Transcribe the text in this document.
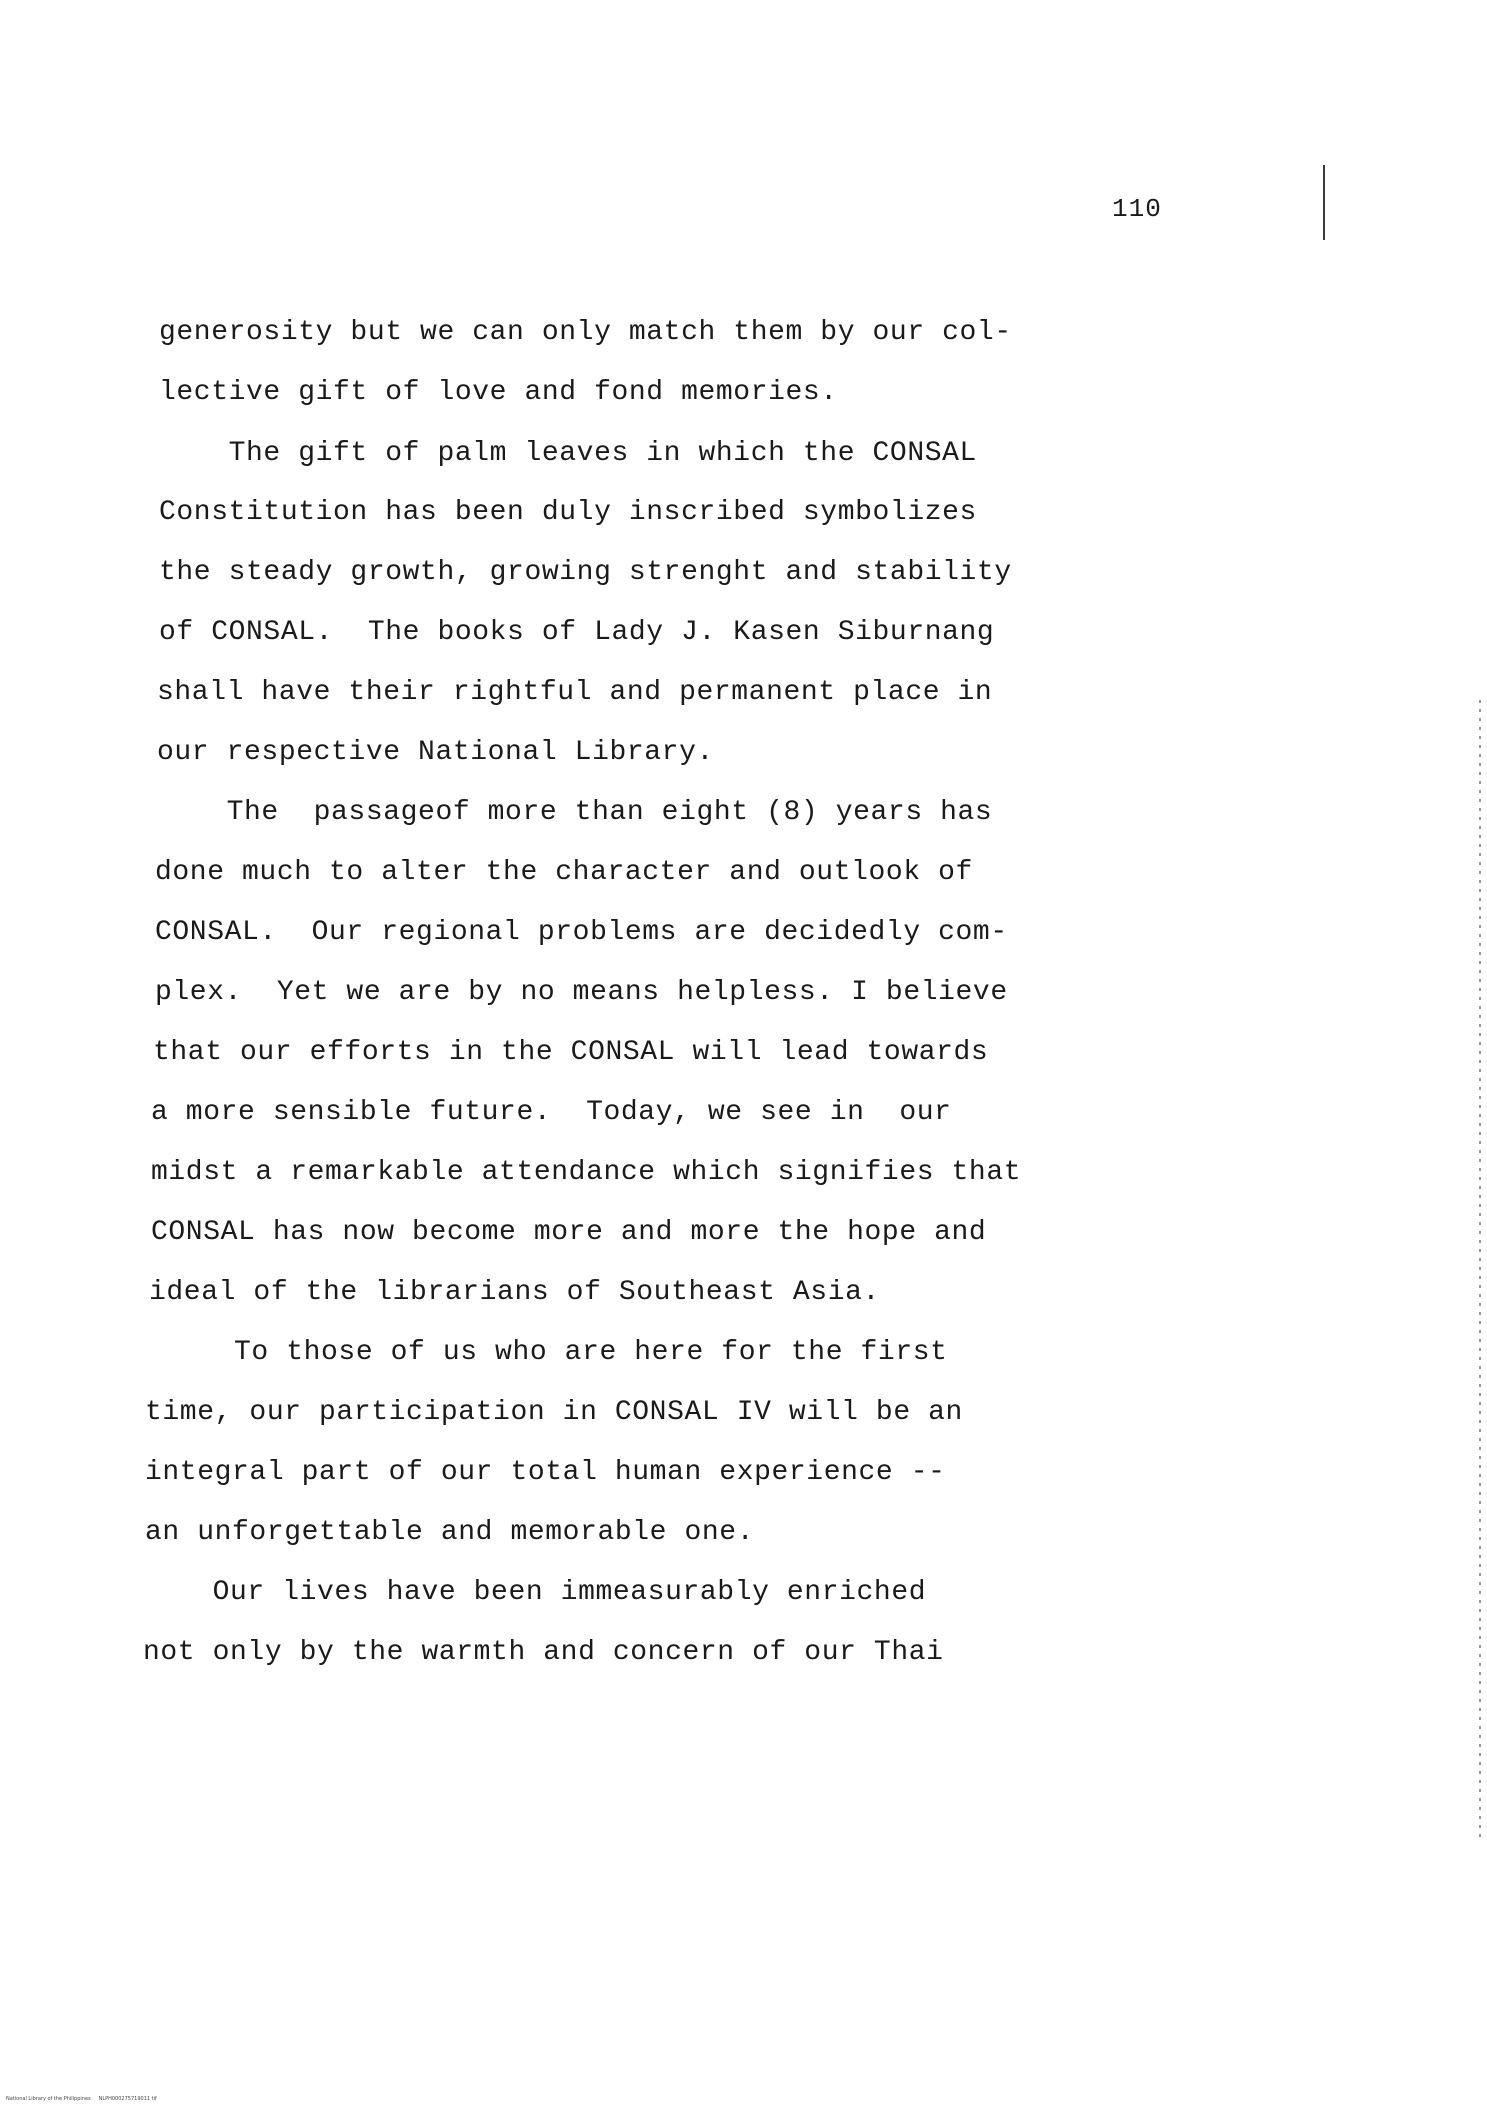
110
generosity but we can only match them by our col-
lective gift of love and fond memories.
The gift of palm leaves in which the CONSAL
Constitution has been duly inscribed symbolizes
the steady growth, growing strenght and stability
of CONSAL.  The books of Lady J. Kasen Siburnang
shall have their rightful and permanent place in
our respective National Library.
The  passageof more than eight (8) years has
done much to alter the character and outlook of
CONSAL.  Our regional problems are decidedly com-
plex.  Yet we are by no means helpless. I believe
that our efforts in the CONSAL will lead towards
a more sensible future.  Today, we see in  our
midst a remarkable attendance which signifies that
CONSAL has now become more and more the hope and
ideal of the librarians of Southeast Asia.
To those of us who are here for the first
time, our participation in CONSAL IV will be an
integral part of our total human experience --
an unforgettable and memorable one.
Our lives have been immeasurably enriched
not only by the warmth and concern of our Thai
National Library of the Philippines     NLPH000275719011 tif
